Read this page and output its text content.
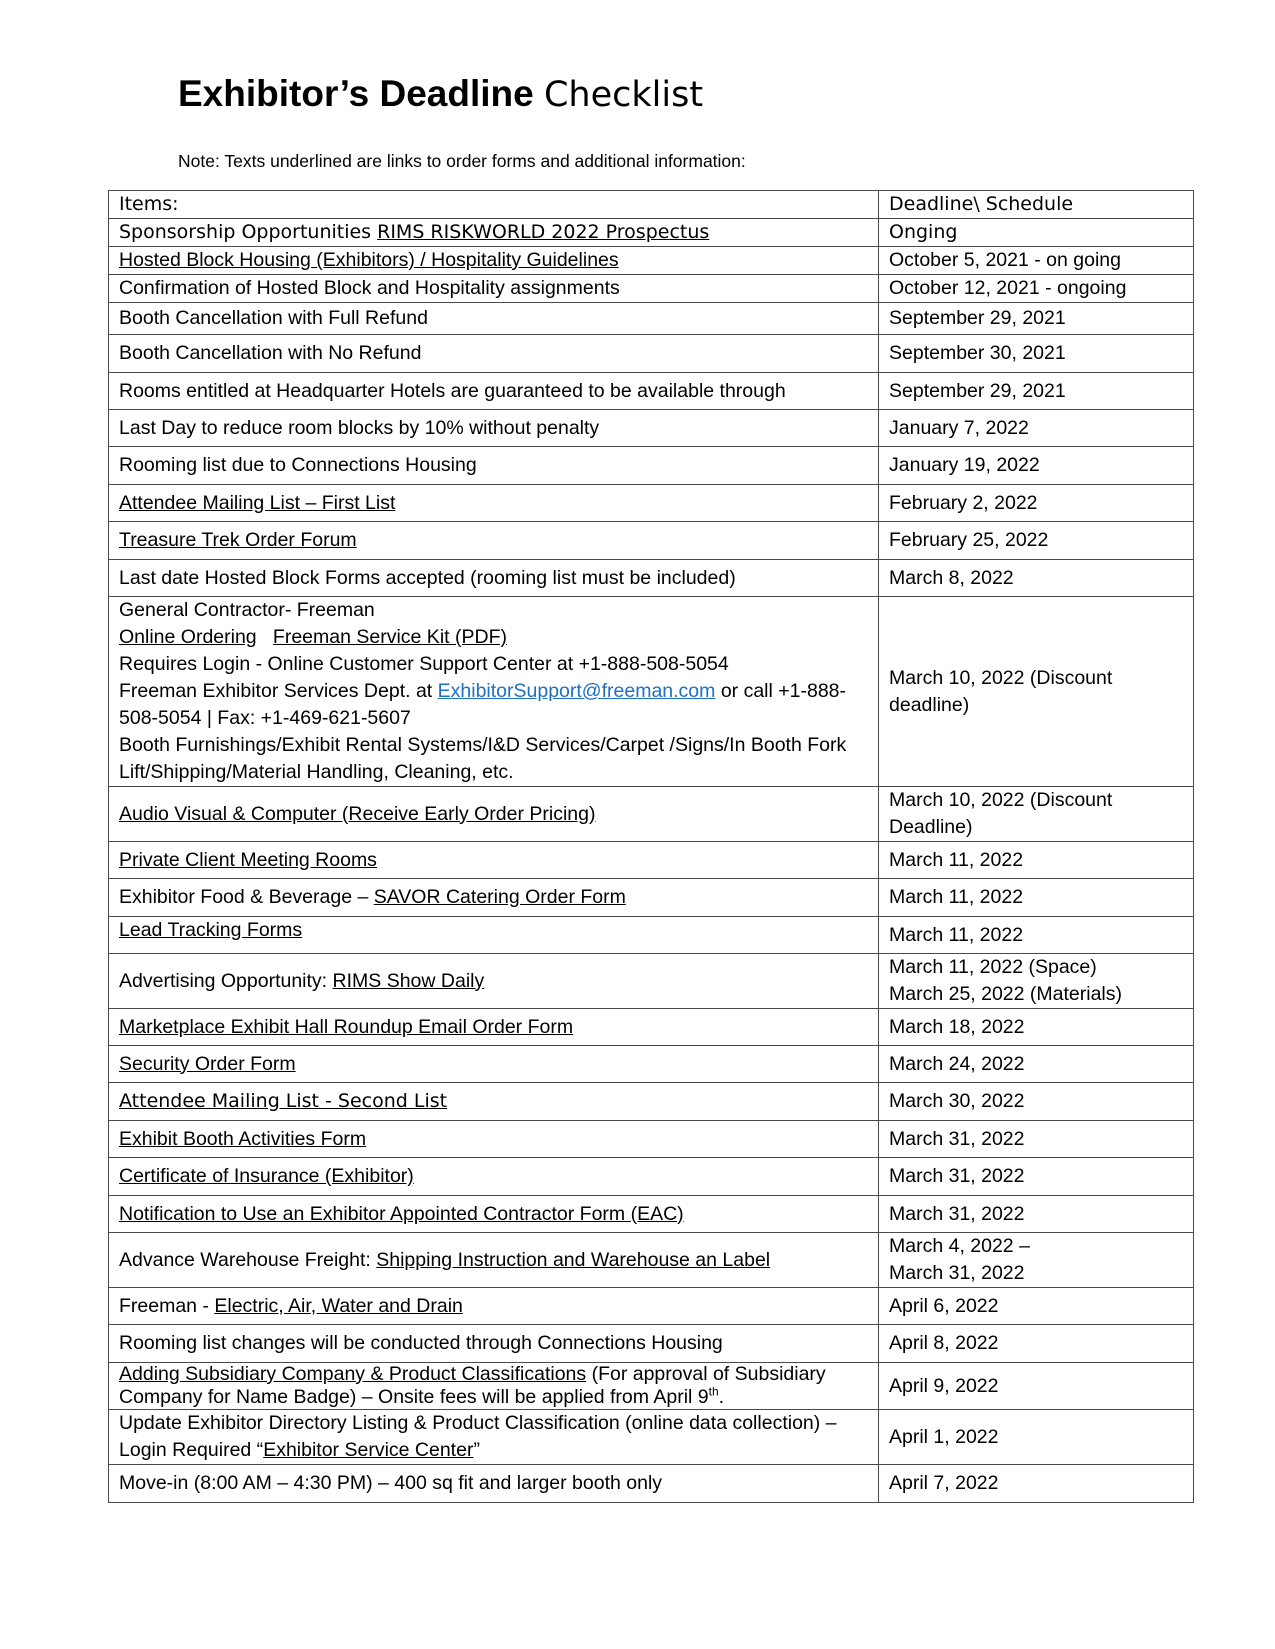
Exhibitor’s Deadline Checklist
Note: Texts underlined are links to order forms and additional information:
Items:	Deadline\ Schedule
Sponsorship Opportunities RIMS RISKWORLD 2022 Prospectus	Onging
Hosted Block Housing (Exhibitors) / Hospitality Guidelines	October 5, 2021 - on going
Confirmation of Hosted Block and Hospitality assignments	October 12, 2021 - ongoing
Booth Cancellation with Full Refund	September 29, 2021
Booth Cancellation with No Refund	September 30, 2021
Rooms entitled at Headquarter Hotels are guaranteed to be available through	September 29, 2021
Last Day to reduce room blocks by 10% without penalty	January 7, 2022
Rooming list due to Connections Housing	January 19, 2022
Attendee Mailing List – First List	February 2, 2022
Treasure Trek Order Forum	February 25, 2022
Last date Hosted Block Forms accepted (rooming list must be included)	March 8, 2022

General Contractor- Freeman
Online Ordering Freeman Service Kit (PDF)
Requires Login - Online Customer Support Center at +1-888-508-5054
Freeman Exhibitor Services Dept. at ExhibitorSupport@freeman.com or call +1-888-508-5054 | Fax: +1-469-621-5607
Booth Furnishings/Exhibit Rental Systems/I&D Services/Carpet /Signs/In Booth Fork Lift/Shipping/Material Handling, Cleaning, etc.	March 10, 2022 (Discount deadline)
Audio Visual & Computer (Receive Early Order Pricing)	March 10, 2022 (Discount Deadline)
Private Client Meeting Rooms	March 11, 2022
Exhibitor Food & Beverage – SAVOR Catering Order Form	March 11, 2022
Lead Tracking Forms	March 11, 2022
Advertising Opportunity: RIMS Show Daily	March 11, 2022 (Space)
March 25, 2022 (Materials)

Marketplace Exhibit Hall Roundup Email Order Form	March 18, 2022
Security Order Form	March 24, 2022
Attendee Mailing List - Second List	March 30, 2022
Exhibit Booth Activities Form	March 31, 2022
Certificate of Insurance (Exhibitor)	March 31, 2022
Notification to Use an Exhibitor Appointed Contractor Form (EAC)	March 31, 2022
Advance Warehouse Freight: Shipping Instruction and Warehouse an Label	March 4, 2022 –
March 31, 2022

Freeman - Electric, Air, Water and Drain	April 6, 2022
Rooming list changes will be conducted through Connections Housing	April 8, 2022
Adding Subsidiary Company & Product Classifications (For approval of Subsidiary Company for Name Badge) – Onsite fees will be applied from April 9th.	April 9, 2022
Update Exhibitor Directory Listing & Product Classification (online data collection) – Login Required “Exhibitor Service Center”	April 1, 2022
Move-in (8:00 AM – 4:30 PM) – 400 sq fit and larger booth only	April 7, 2022
